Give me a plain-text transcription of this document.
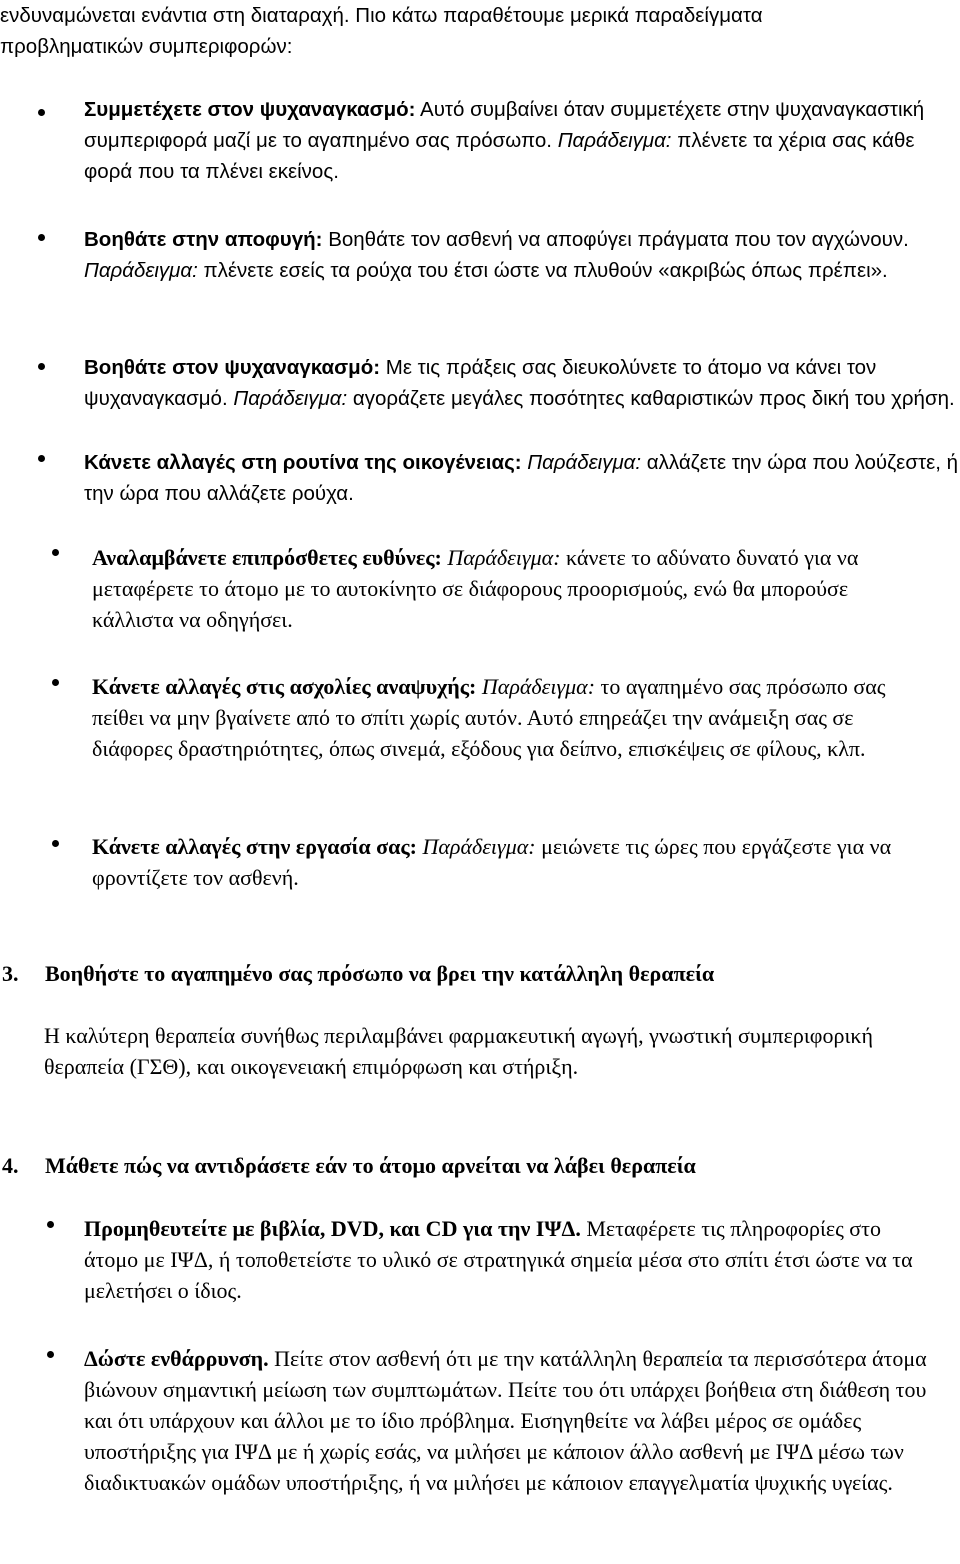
ενδυναμώνεται ενάντια στη διαταραχή. Πιο κάτω παραθέτουμε μερικά παραδείγματα προβληματικών συμπεριφορών:
Συμμετέχετε στον ψυχαναγκασμό: Αυτό συμβαίνει όταν συμμετέχετε στην ψυχαναγκαστική συμπεριφορά μαζί με το αγαπημένο σας πρόσωπο. Παράδειγμα: πλένετε τα χέρια σας κάθε φορά που τα πλένει εκείνος.
Βοηθάτε στην αποφυγή: Βοηθάτε τον ασθενή να αποφύγει πράγματα που τον αγχώνουν. Παράδειγμα: πλένετε εσείς τα ρούχα του έτσι ώστε να πλυθούν «ακριβώς όπως πρέπει».
Βοηθάτε στον ψυχαναγκασμό: Με τις πράξεις σας διευκολύνετε το άτομο να κάνει τον ψυχαναγκασμό. Παράδειγμα: αγοράζετε μεγάλες ποσότητες καθαριστικών προς δική του χρήση.
Κάνετε αλλαγές στη ρουτίνα της οικογένειας: Παράδειγμα: αλλάζετε την ώρα που λούζεστε, ή την ώρα που αλλάζετε ρούχα.
Αναλαμβάνετε επιπρόσθετες ευθύνες: Παράδειγμα: κάνετε το αδύνατο δυνατό για να μεταφέρετε το άτομο με το αυτοκίνητο σε διάφορους προορισμούς, ενώ θα μπορούσε κάλλιστα να οδηγήσει.
Κάνετε αλλαγές στις ασχολίες αναψυχής: Παράδειγμα: το αγαπημένο σας πρόσωπο σας πείθει να μην βγαίνετε από το σπίτι χωρίς αυτόν. Αυτό επηρεάζει την ανάμειξη σας σε διάφορες δραστηριότητες, όπως σινεμά, εξόδους για δείπνο, επισκέψεις σε φίλους, κλπ.
Κάνετε αλλαγές στην εργασία σας: Παράδειγμα: μειώνετε τις ώρες που εργάζεστε για να φροντίζετε τον ασθενή.
3. Βοηθήστε το αγαπημένο σας πρόσωπο να βρει την κατάλληλη θεραπεία
Η καλύτερη θεραπεία συνήθως περιλαμβάνει φαρμακευτική αγωγή, γνωστική συμπεριφορική θεραπεία (ΓΣΘ), και οικογενειακή επιμόρφωση και στήριξη.
4. Μάθετε πώς να αντιδράσετε εάν το άτομο αρνείται να λάβει θεραπεία
Προμηθευτείτε με βιβλία, DVD, και CD για την ΙΨΔ. Μεταφέρετε τις πληροφορίες στο άτομο με ΙΨΔ, ή τοποθετείστε το υλικό σε στρατηγικά σημεία μέσα στο σπίτι έτσι ώστε να τα μελετήσει ο ίδιος.
Δώστε ενθάρρυνση. Πείτε στον ασθενή ότι με την κατάλληλη θεραπεία τα περισσότερα άτομα βιώνουν σημαντική μείωση των συμπτωμάτων. Πείτε του ότι υπάρχει βοήθεια στη διάθεση του και ότι υπάρχουν και άλλοι με το ίδιο πρόβλημα. Εισηγηθείτε να λάβει μέρος σε ομάδες υποστήριξης για ΙΨΔ με ή χωρίς εσάς, να μιλήσει με κάποιον άλλο ασθενή με ΙΨΔ μέσω των διαδικτυακών ομάδων υποστήριξης, ή να μιλήσει με κάποιον επαγγελματία ψυχικής υγείας.
